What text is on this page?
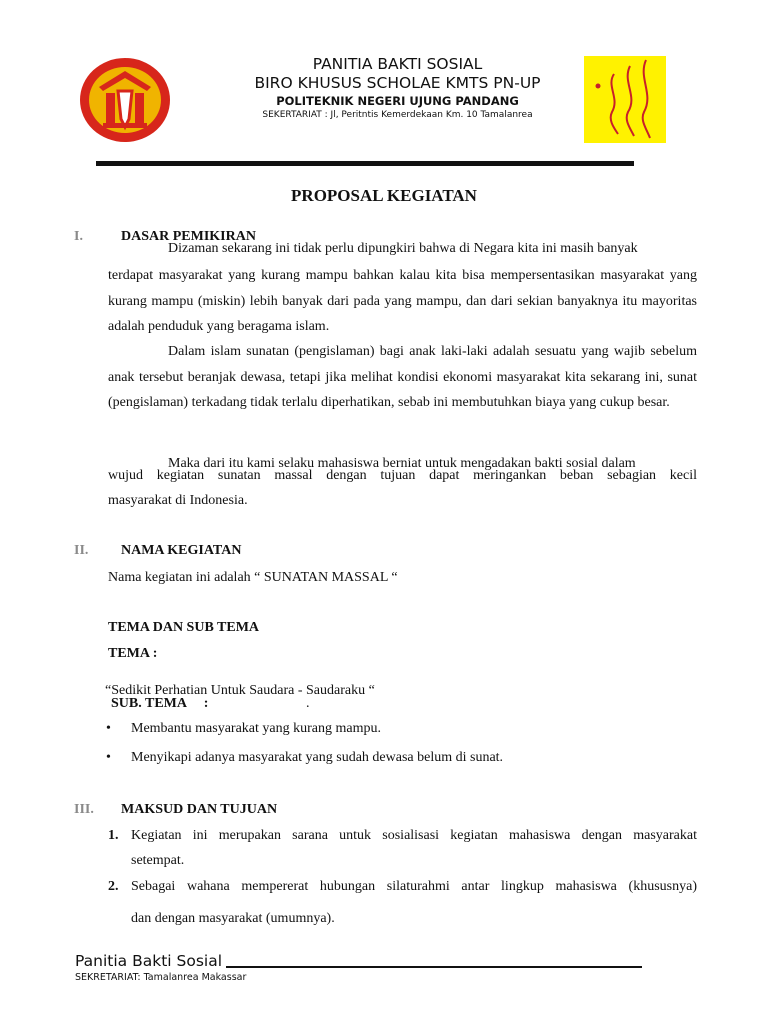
PANITIA BAKTI SOSIAL
BIRO KHUSUS SCHOLAE KMTS PN-UP
POLITEKNIK NEGERI UJUNG PANDANG
SEKERTARIAT : Jl, Peritntis Kemerdekaan Km. 10 Tamalanrea
PROPOSAL KEGIATAN
I.	DASAR PEMIKIRAN
Dizaman sekarang ini tidak perlu dipungkiri bahwa di Negara kita ini masih banyak
terdapat masyarakat yang kurang mampu bahkan kalau kita bisa mempersentasikan masyarakat yang kurang mampu (miskin) lebih banyak dari pada yang mampu, dan dari sekian banyaknya itu mayoritas adalah penduduk yang beragama islam.
Dalam islam sunatan (pengislaman) bagi anak laki-laki adalah sesuatu yang wajib sebelum anak tersebut beranjak dewasa, tetapi jika melihat kondisi ekonomi masyarakat kita sekarang ini, sunat (pengislaman) terkadang tidak terlalu diperhatikan, sebab ini membutuhkan biaya yang cukup besar.
Maka dari itu kami selaku mahasiswa berniat untuk mengadakan bakti sosial dalam
wujud kegiatan sunatan massal dengan tujuan dapat meringankan beban sebagian kecil
masyarakat di Indonesia.
II. NAMA KEGIATAN
Nama kegiatan ini adalah “ SUNATAN MASSAL “
TEMA DAN SUB TEMA
TEMA :
“Sedikit Perhatian Untuk Saudara - Saudaraku “
SUB. TEMA     :	.
• Membantu masyarakat yang kurang mampu.
• Menyikapi adanya masyarakat yang sudah dewasa belum di sunat.
III. MAKSUD DAN TUJUAN
1. Kegiatan ini merupakan sarana untuk sosialisasi kegiatan mahasiswa dengan masyarakat
setempat.
2. Sebagai wahana mempererat hubungan silaturahmi antar lingkup mahasiswa (khususnya)
dan dengan masyarakat (umumnya).
Panitia Bakti Sosial
SEKRETARIAT: Tamalanrea Makassar
